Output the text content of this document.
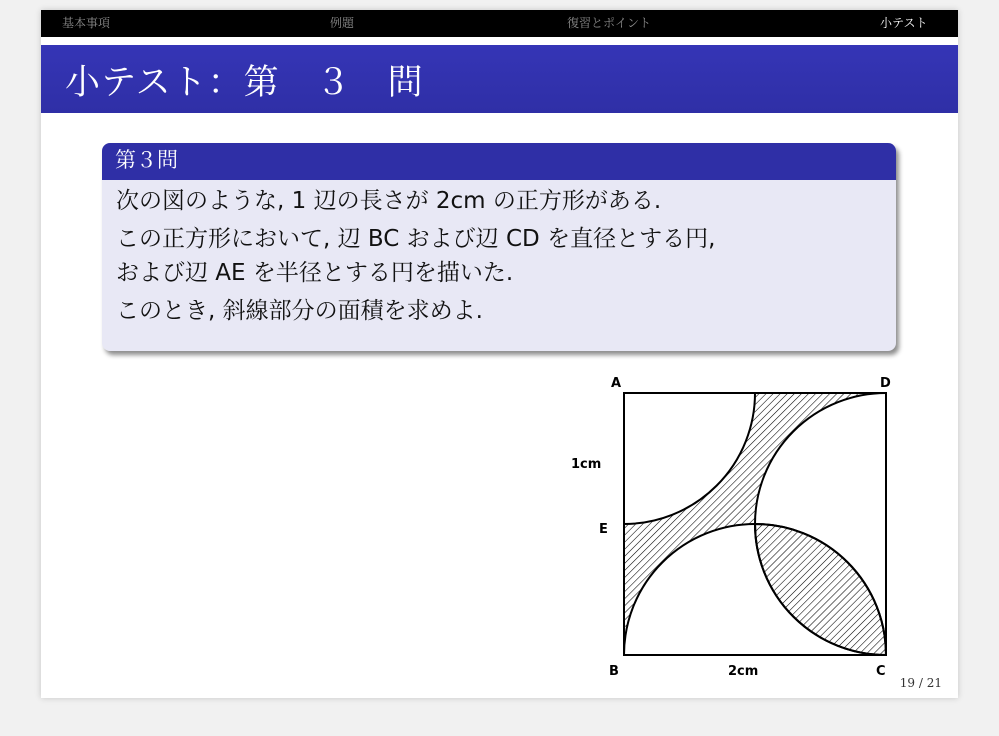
基本事項	例題	復習とポイント	小テスト
小テスト：第　３　問
第３問
次の図のような, 1 辺の長さが 2cm の正方形がある.
この正方形において, 辺 BC および辺 CD を直径とする円,
および辺 AE を半径とする円を描いた.
このとき, 斜線部分の面積を求めよ.
A	D
E
B	C
1cm
2cm
19 / 21
